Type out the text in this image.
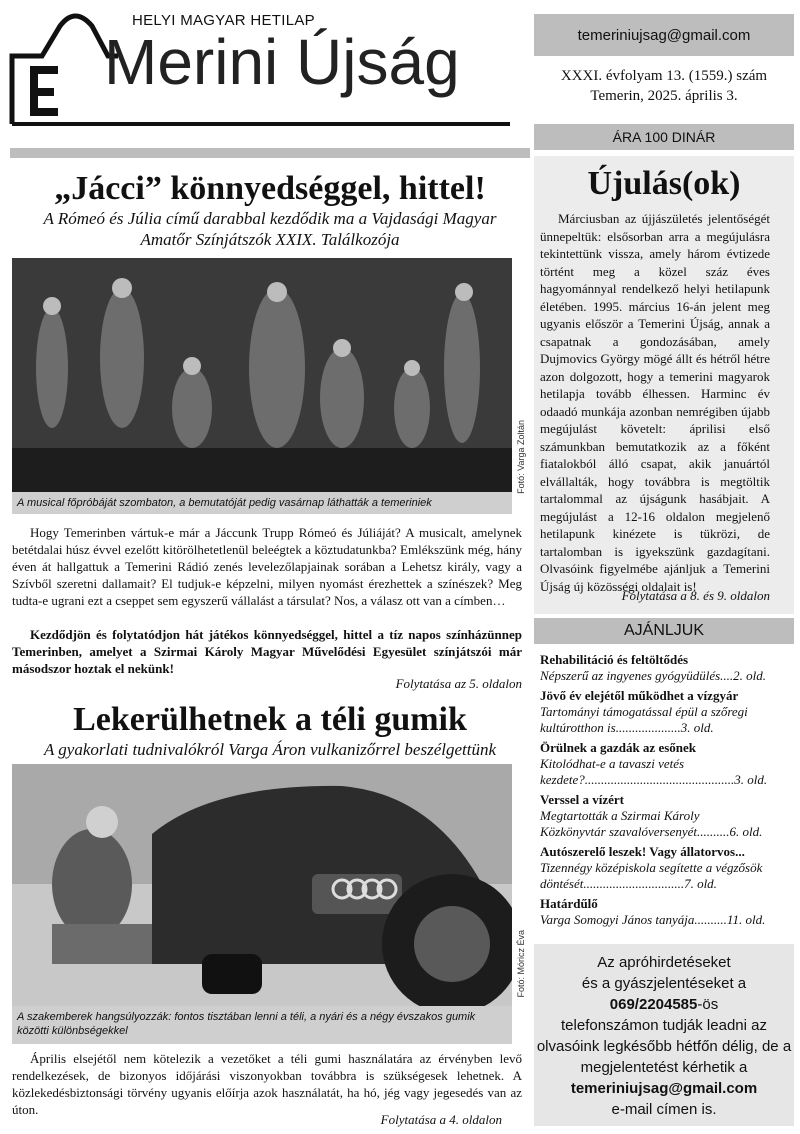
HELYI MAGYAR HETILAP
Merini Újság	temeriniujsag@gmail.com
XXXI. évfolyam 13. (1559.) szám
Temerin, 2025. április 3.
ÁRA 100 DINÁR
„Jácci” könnyedséggel, hittel!
A Rómeó és Júlia című darabbal kezdődik ma a Vajdasági Magyar Amatőr Színjátszók XXIX. Találkozója
Fotó: Varga Zoltán
A musical főpróbáját szombaton, a bemutatóját pedig vasárnap láthatták a temeriniek

Hogy Temerinben vártuk-e már a Jáccunk Trupp Rómeó és Júliáját? A musicalt, amelynek betétdalai húsz évvel ezelőtt kitörölhetetlenül beleégtek a köztudatunkba? Emlékszünk még, hány éven át hallgattuk a Temerini Rádió zenés levelezőlapjainak sorában a Lehetsz király, vagy a Szívből szeretni dallamait? El tudjuk-e képzelni, milyen nyomást érezhettek a színészek? Meg tudta-e ugrani ezt a cseppet sem egyszerű vállalást a társulat? Nos, a válasz ott van a címben…

Kezdődjön és folytatódjon hát játékos könnyedséggel, hittel a tíz napos színházünnep Temerinben, amelyet a Szirmai Károly Magyar Művelődési Egyesület színjátszói már másodszor hoztak el nekünk!

Folytatása az 5. oldalon
Lekerülhetnek a téli gumik
A gyakorlati tudnivalókról Varga Áron vulkanizőrrel beszélgettünk
Fotó: Móricz Éva
A szakemberek hangsúlyozzák: fontos tisztában lenni a téli, a nyári és a négy évszakos gumik közötti különbségekkel

Április elsejétől nem kötelezik a vezetőket a téli gumi használatára az érvényben levő rendelkezések, de bizonyos időjárási viszonyokban továbbra is szükségesek lehetnek. A közlekedésbiztonsági törvény ugyanis előírja azok használatát, ha hó, jég vagy jegesedés van az úton.

Folytatása a 4. oldalon
Újulás(ok)

Márciusban az újjászületés jelentőségét ünnepeltük: elsősorban arra a megújulásra tekintettünk vissza, amely három évtizede történt meg a közel száz éves hagyománnyal rendelkező helyi hetilapunk életében. 1995. március 16-án jelent meg ugyanis először a Temerini Újság, annak a csapatnak a gondozásában, amely Dujmovics György mögé állt és hétről hétre azon dolgozott, hogy a temerini magyarok hetilapja tovább élhessen. Harminc év odaadó munkája azonban nemrégiben újabb megújulást követelt: áprilisi első számunkban bemutatkozik az a főként fiatalokból álló csapat, akik januártól elvállalták, hogy továbbra is megtöltik tartalommal az újságunk hasábjait. A megújulást a 12-16 oldalon megjelenő hetilapunk kinézete is tükrözi, de tartalomban is igyekszünk gazdagítani. Olvasóink figyelmébe ajánljuk a Temerini Újság új közösségi oldalait is!

Folytatása a 8. és 9. oldalon
AJÁNLJUK
Rehabilitáció és feltöltődés
Népszerű az ingyenes gyógyüdülés....2. old.
Jövő év elejétől működhet a vízgyár
Tartományi támogatással épül a szőregi kultúrotthon is....................3. old.
Örülnek a gazdák az esőnek
Kitolódhat-e a tavaszi vetés kezdete?..............................................3. old.
Verssel a vízért
Megtartották a Szirmai Károly Közkönyvtár szavalóversenyét..........6. old.
Autószerelő leszek! Vagy állatorvos...
Tizennégy középiskola segítette a végzősök döntését...............................7. old.
Határdűlő
Varga Somogyi János tanyája..........11. old.
Az apróhirdetéseket
és a gyászjelentéseket a
069/2204585-ös
telefonszámon tudják leadni az olvasóink legkésőbb hétfőn délig, de a megjelentetést kérhetik a
temeriniujsag@gmail.com
e-mail címen is.
